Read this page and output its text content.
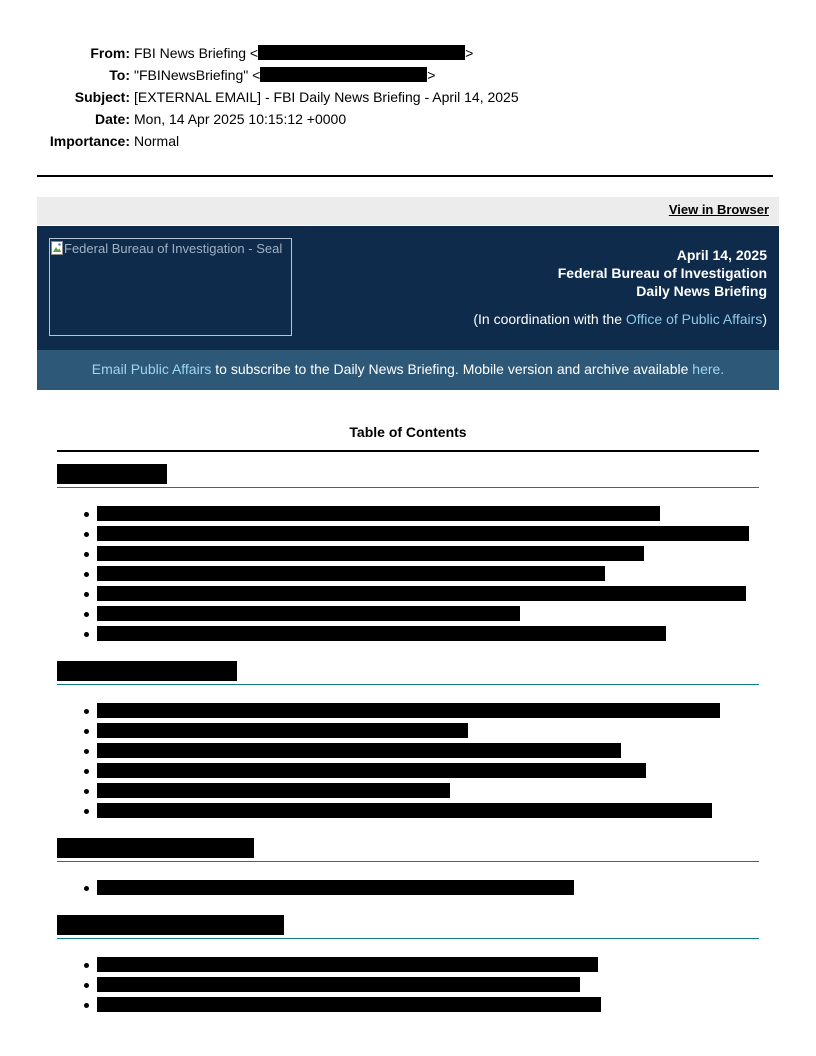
From: FBI News Briefing <	>
To: "FBINewsBriefing" <	>
Subject: [EXTERNAL EMAIL] - FBI Daily News Briefing - April 14, 2025
Date: Mon, 14 Apr 2025 10:15:12 +0000
Importance: Normal
View in Browser
Federal Bureau of Investigation - Seal	April 14, 2025
Federal Bureau of Investigation
Daily News Briefing
(In coordination with the Office of Public Affairs)
Email Public Affairs to subscribe to the Daily News Briefing. Mobile version and archive available here.
Table of Contents
